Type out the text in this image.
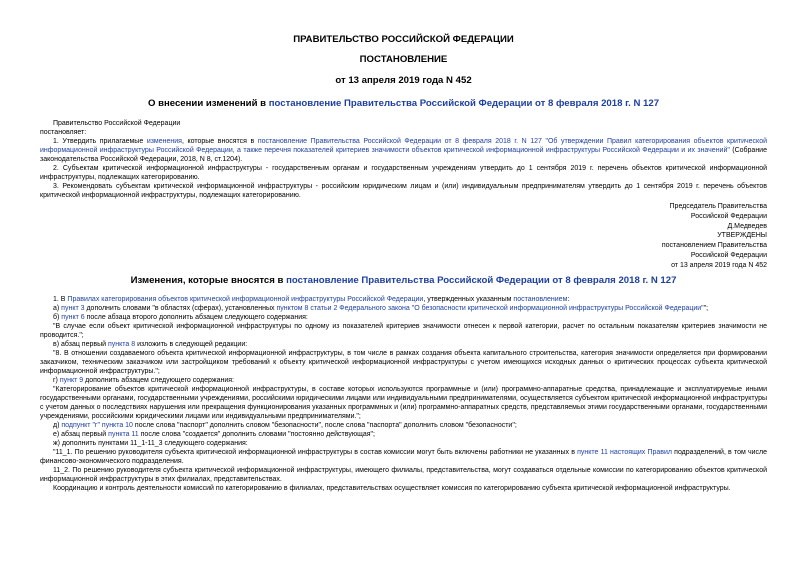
ПРАВИТЕЛЬСТВО РОССИЙСКОЙ ФЕДЕРАЦИИ
ПОСТАНОВЛЕНИЕ
от 13 апреля 2019 года N 452
О внесении изменений в постановление Правительства Российской Федерации от 8 февраля 2018 г. N 127

Правительство Российской Федерации

постановляет:

1. Утвердить прилагаемые изменения, которые вносятся в постановление Правительства Российской Федерации от 8 февраля 2018 г. N 127 "Об утверждении Правил категорирования объектов критической информационной инфраструктуры Российской Федерации, а также перечня показателей критериев значимости объектов критической информационной инфраструктуры Российской Федерации и их значений" (Собрание законодательства Российской Федерации, 2018, N 8, ст.1204).

2. Субъектам критической информационной инфраструктуры - государственным органам и государственным учреждениям утвердить до 1 сентября 2019 г. перечень объектов критической информационной инфраструктуры, подлежащих категорированию.

3. Рекомендовать субъектам критической информационной инфраструктуры - российским юридическим лицам и (или) индивидуальным предпринимателям утвердить до 1 сентября 2019 г. перечень объектов критической информационной инфраструктуры, подлежащих категорированию.

Председатель Правительства
Российской Федерации
Д.Медведев
УТВЕРЖДЕНЫ
постановлением Правительства
Российской Федерации
от 13 апреля 2019 года N 452
Изменения, которые вносятся в постановление Правительства Российской Федерации от 8 февраля 2018 г. N 127

1. В Правилах категорирования объектов критической информационной инфраструктуры Российской Федерации, утвержденных указанным постановлением:

а) пункт 3 дополнить словами "в областях (сферах), установленных пунктом 8 статьи 2 Федерального закона "О безопасности критической информационной инфраструктуры Российской Федерации"";

б) пункт 6 после абзаца второго дополнить абзацем следующего содержания:

"В случае если объект критической информационной инфраструктуры по одному из показателей критериев значимости отнесен к первой категории, расчет по остальным показателям критериев значимости не проводится.";

в) абзац первый пункта 8 изложить в следующей редакции:

"8. В отношении создаваемого объекта критической информационной инфраструктуры, в том числе в рамках создания объекта капитального строительства, категория значимости определяется при формировании заказчиком, техническим заказчиком или застройщиком требований к объекту критической информационной инфраструктуры с учетом имеющихся исходных данных о критических процессах субъекта критической информационной инфраструктуры.";

г) пункт 9 дополнить абзацем следующего содержания:

"Категорирование объектов критической информационной инфраструктуры, в составе которых используются программные и (или) программно-аппаратные средства, принадлежащие и эксплуатируемые иными государственными органами, государственными учреждениями, российскими юридическими лицами или индивидуальными предпринимателями, осуществляется субъектом критической информационной инфраструктуры с учетом данных о последствиях нарушения или прекращения функционирования указанных программных и (или) программно-аппаратных средств, представляемых этими государственными органами, государственными учреждениями, российскими юридическими лицами или индивидуальными предпринимателями.";

д) подпункт "г" пункта 10 после слова "паспорт" дополнить словом "безопасности", после слова "паспорта" дополнить словом "безопасности";

е) абзац первый пункта 11 после слова "создается" дополнить словами "постоянно действующая";

ж) дополнить пунктами 11_1-11_3 следующего содержания:

"11_1. По решению руководителя субъекта критической информационной инфраструктуры в состав комиссии могут быть включены работники не указанных в пункте 11 настоящих Правил подразделений, в том числе финансово-экономического подразделения.

11_2. По решению руководителя субъекта критической информационной инфраструктуры, имеющего филиалы, представительства, могут создаваться отдельные комиссии по категорированию объектов критической информационной инфраструктуры в этих филиалах, представительствах.

Координацию и контроль деятельности комиссий по категорированию в филиалах, представительствах осуществляет комиссия по категорированию субъекта критической информационной инфраструктуры.
